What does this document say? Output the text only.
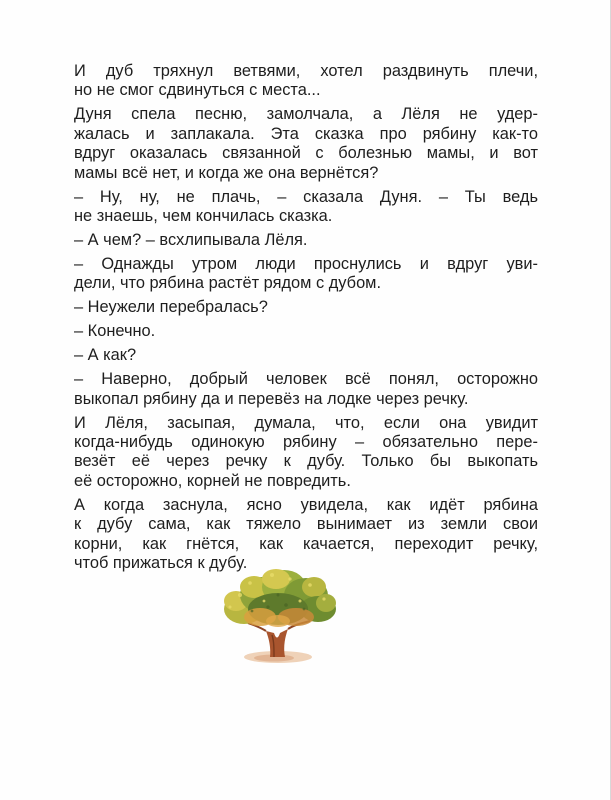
И дуб тряхнул ветвями, хотел раздвинуть плечи,
но не смог сдвинуться с места...
Дуня спела песню, замолчала, а Лёля не удер-
жалась и заплакала. Эта сказка про рябину как-то
вдруг оказалась связанной с болезнью мамы, и вот
мамы всё нет, и когда же она вернётся?
– Ну, ну, не плачь, – сказала Дуня. – Ты ведь
не знаешь, чем кончилась сказка.
– А чем? – всхлипывала Лёля.
– Однажды утром люди проснулись и вдруг уви-
дели, что рябина растёт рядом с дубом.
– Неужели перебралась?
– Конечно.
– А как?
– Наверно, добрый человек всё понял, осторожно
выкопал рябину да и перевёз на лодке через речку.
И Лёля, засыпая, думала, что, если она увидит
когда-нибудь одинокую рябину – обязательно пере-
везёт её через речку к дубу. Только бы выкопать
её осторожно, корней не повредить.
А когда заснула, ясно увидела, как идёт рябина
к дубу сама, как тяжело вынимает из земли свои
корни, как гнётся, как качается, переходит речку,
чтоб прижаться к дубу.
